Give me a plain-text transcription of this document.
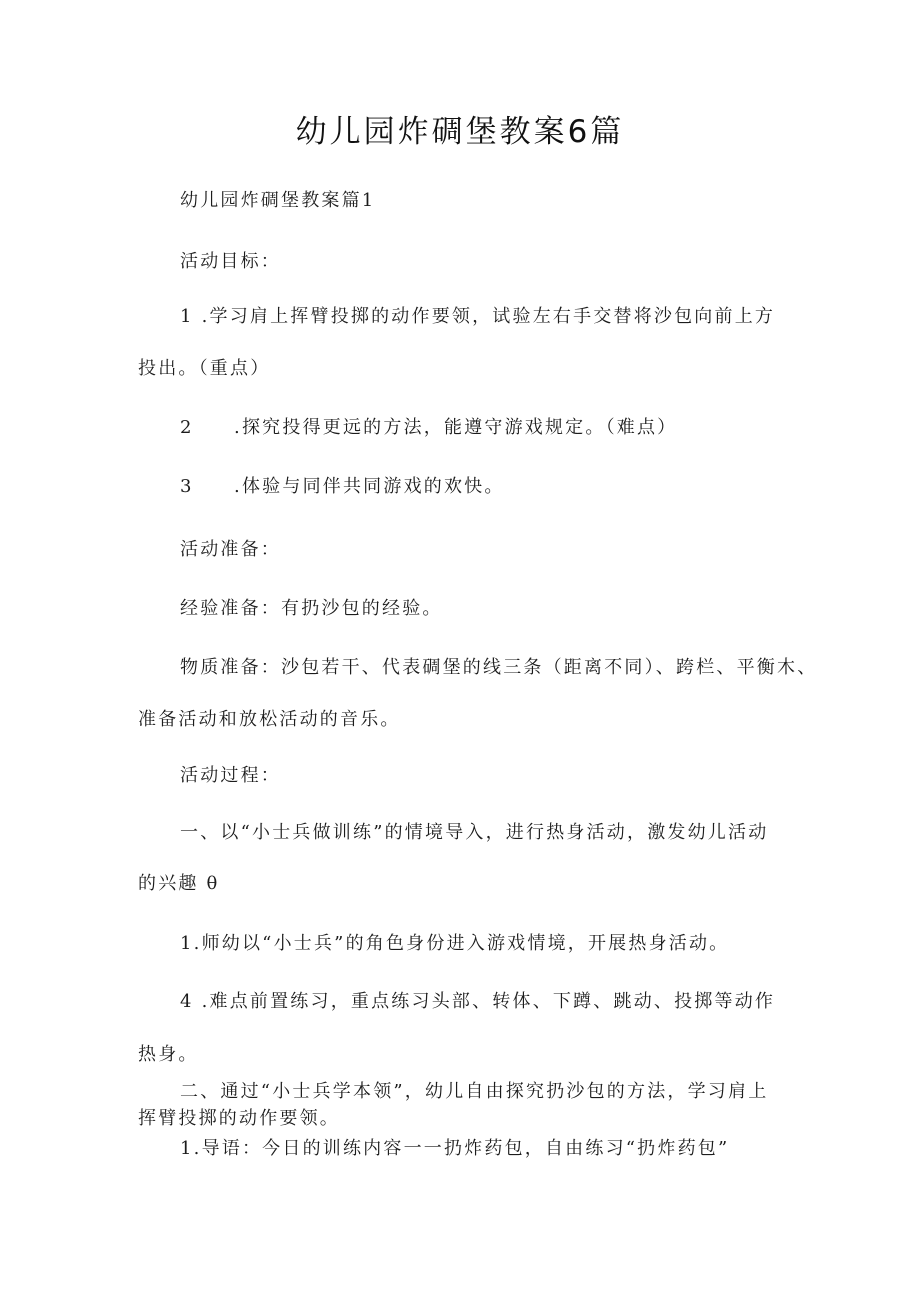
幼儿园炸碉堡教案6篇
幼儿园炸碉堡教案篇1
活动目标：
1 .学习肩上挥臂投掷的动作要领，试验左右手交替将沙包向前上方
投出。（重点）
2　　.探究投得更远的方法，能遵守游戏规定。（难点）
3　　.体验与同伴共同游戏的欢快。
活动准备：
经验准备：有扔沙包的经验。
物质准备：沙包若干、代表碉堡的线三条（距离不同）、跨栏、平衡木、
准备活动和放松活动的音乐。
活动过程：
一、以“小士兵做训练”的情境导入，进行热身活动，激发幼儿活动
的兴趣 θ
1.师幼以“小士兵”的角色身份进入游戏情境，开展热身活动。
4 .难点前置练习，重点练习头部、转体、下蹲、跳动、投掷等动作
热身。
二、通过“小士兵学本领”，幼儿自由探究扔沙包的方法，学习肩上
挥臂投掷的动作要领。
1.导语：今日的训练内容一一扔炸药包，自由练习“扔炸药包”
